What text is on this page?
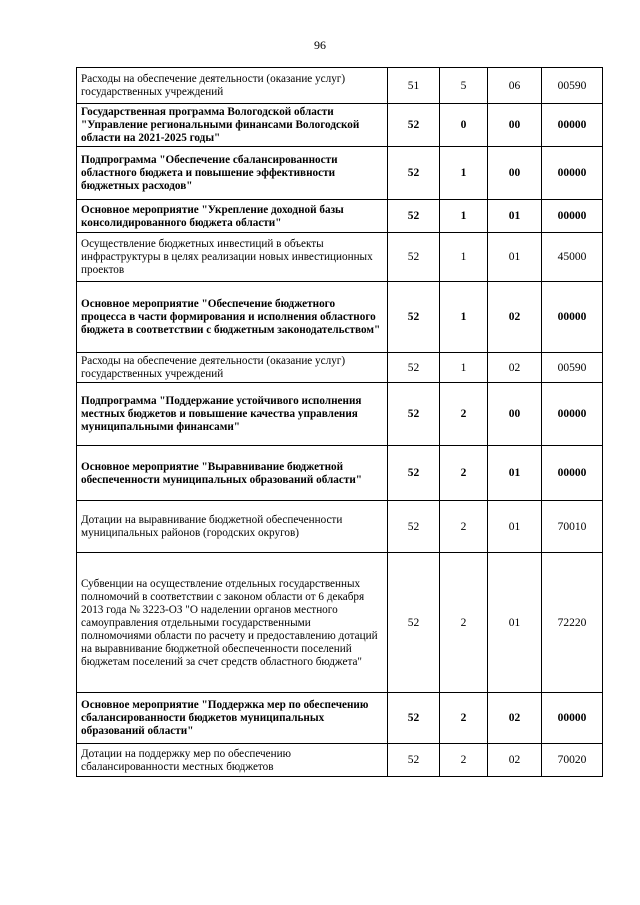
96
Расходы на обеспечение деятельности (оказание услуг) государственных учреждений	51	5	06	00590
Государственная программа Вологодской области "Управление региональными финансами Вологодской области на 2021-2025 годы"	52	0	00	00000
Подпрограмма "Обеспечение сбалансированности областного бюджета и повышение эффективности бюджетных расходов"	52	1	00	00000
Основное мероприятие "Укрепление доходной базы консолидированного бюджета области"	52	1	01	00000
Осуществление бюджетных инвестиций в объекты инфраструктуры в целях реализации новых инвестиционных проектов	52	1	01	45000
Основное мероприятие "Обеспечение бюджетного процесса в части формирования и исполнения областного бюджета в соответствии с бюджетным законодательством"	52	1	02	00000
Расходы на обеспечение деятельности (оказание услуг) государственных учреждений	52	1	02	00590
Подпрограмма "Поддержание устойчивого исполнения местных бюджетов и повышение качества управления муниципальными финансами"	52	2	00	00000
Основное мероприятие "Выравнивание бюджетной обеспеченности муниципальных образований области"	52	2	01	00000
Дотации на выравнивание бюджетной обеспеченности муниципальных районов (городских округов)	52	2	01	70010
Субвенции на осуществление отдельных государственных полномочий в соответствии с законом области от 6 декабря 2013 года № 3223-ОЗ "О наделении органов местного самоуправления отдельными государственными полномочиями области по расчету и предоставлению дотаций на выравнивание бюджетной обеспеченности поселений бюджетам поселений за счет средств областного бюджета"	52	2	01	72220
Основное мероприятие "Поддержка мер по обеспечению сбалансированности бюджетов муниципальных образований области"	52	2	02	00000
Дотации на поддержку мер по обеспечению сбалансированности местных бюджетов	52	2	02	70020
